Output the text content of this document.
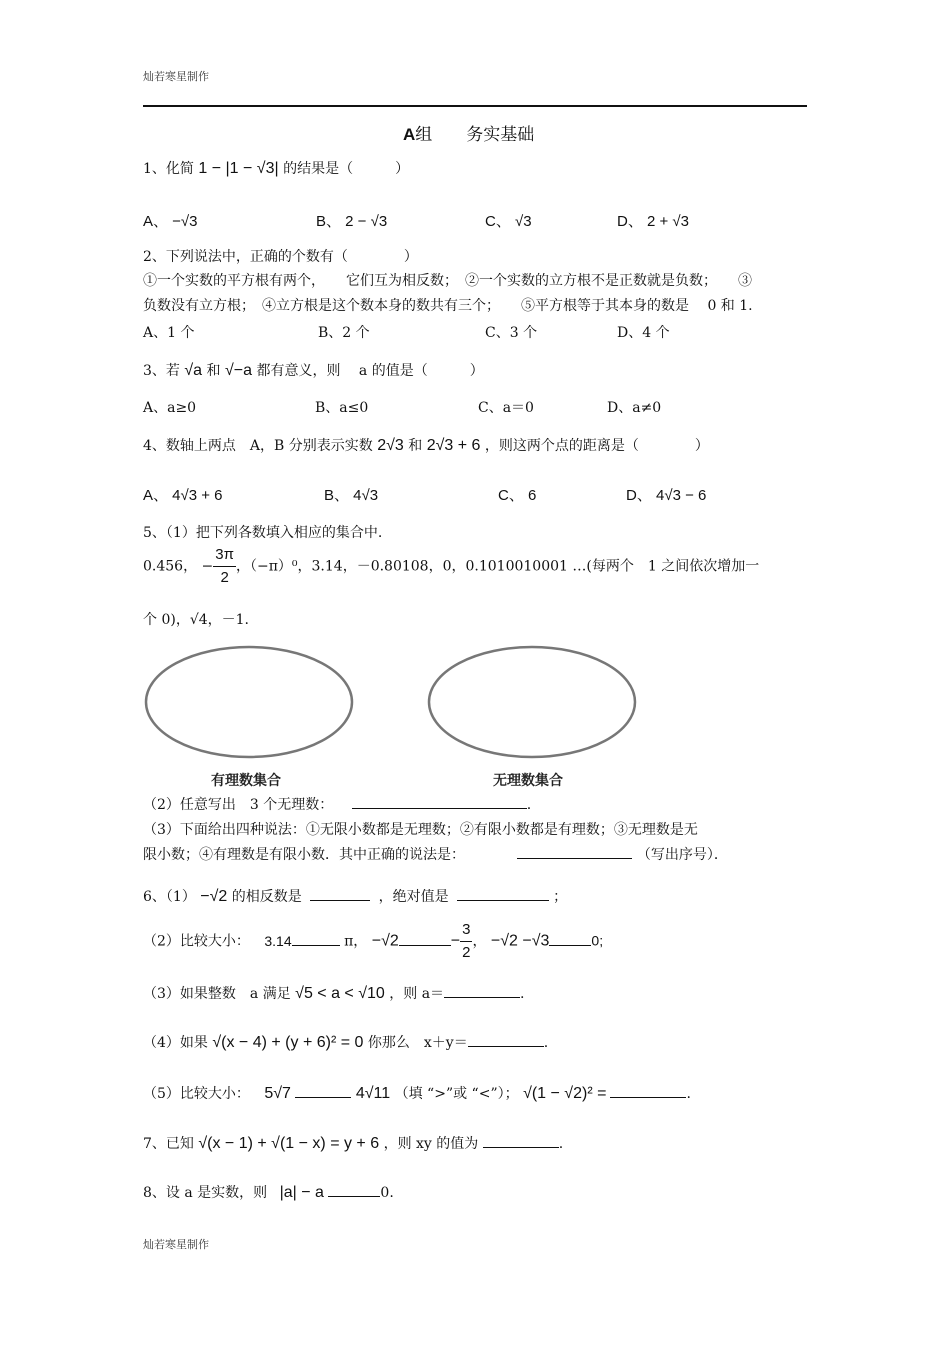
灿若寒星制作
A组　　务实基础
1、化简 1 − |1 − √3| 的结果是（　　　）
A、 −√3	B、 2 − √3	C、 √3	D、 2 + √3
2、下列说法中，正确的个数有（　　　　）
①一个实数的平方根有两个，　　它们互为相反数；　②一个实数的立方根不是正数就是负数；　　③
负数没有立方根；　④立方根是这个数本身的数共有三个；　　⑤平方根等于其本身的数是　 0 和 1.
A、1 个	B、2 个	C、3 个	D、4 个
3、若 √a 和 √−a 都有意义，则　 a 的值是（　　　）
A、a≥0	B、a≤0	C、a＝0	D、a≠0
4、数轴上两点　A，B 分别表示实数 2√3 和 2√3 + 6 ，则这两个点的距离是（　　　　）
A、 4√3 + 6	B、 4√3	C、 6	D、 4√3 − 6
5、（1）把下列各数填入相应的集合中.
0.456， − $\frac{3\pi}{2}$ ，（−π）⁰，3.14，－0.80108，0，0.1010010001 …(每两个　1 之间依次增加一
个 0)，√4，－1.
有理数集合	无理数集合
（2）任意写出　3 个无理数：	.
（3）下面给出四种说法：①无限小数都是无理数；②有限小数都是有理数；③无理数是无
限小数；④有理数是有限小数．其中正确的说法是：	（写出序号）．
6、（1） −√2 的相反数是	，绝对值是	；
（2）比较大小： 3.14	π， −√2	− $\frac{3}{2}$ ， −√2 −√3	0;
（3）如果整数　a 满足 √5 < a < √10 ，则 a＝	.
（4）如果 √(x − 4) + (y + 6)² = 0 你那么　x＋y＝	.
（5）比较大小： 5√7	4√11 （填 “>”或 “<”）； √(1 − √2)² =	.
7、已知 √(x − 1) + √(1 − x) = y + 6 ，则 xy 的值为	.
8、设 a 是实数，则 |a| − a	0.
灿若寒星制作
